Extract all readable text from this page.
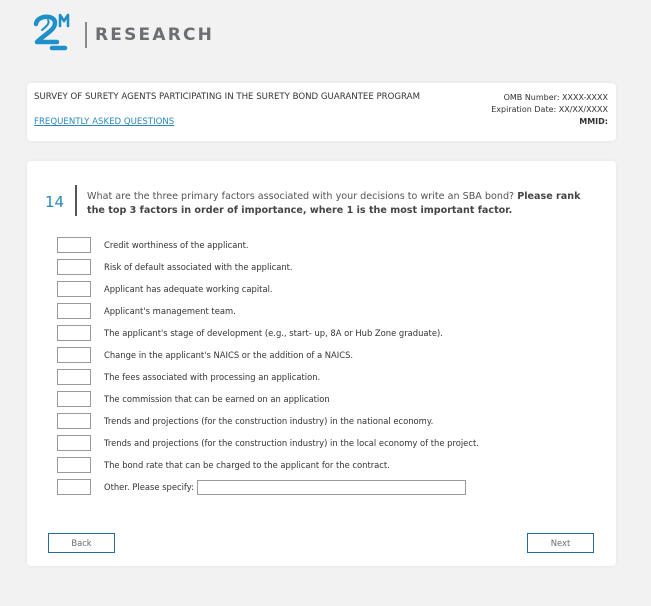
RESEARCH
SURVEY OF SURETY AGENTS PARTICIPATING IN THE SURETY BOND GUARANTEE PROGRAM
FREQUENTLY ASKED QUESTIONS
OMB Number: XXXX-XXXX
Expiration Date: XX/XX/XXXX
MMID:
14 What are the three primary factors associated with your decisions to write an SBA bond? Please rank the top 3 factors in order of importance, where 1 is the most important factor.
Credit worthiness of the applicant.
Risk of default associated with the applicant.
Applicant has adequate working capital.
Applicant's management team.
The applicant's stage of development (e.g., start- up, 8A or Hub Zone graduate).
Change in the applicant's NAICS or the addition of a NAICS.
The fees associated with processing an application.
The commission that can be earned on an application
Trends and projections (for the construction industry) in the national economy.
Trends and projections (for the construction industry) in the local economy of the project.
The bond rate that can be charged to the applicant for the contract.
Other. Please specify:
Back	Next
